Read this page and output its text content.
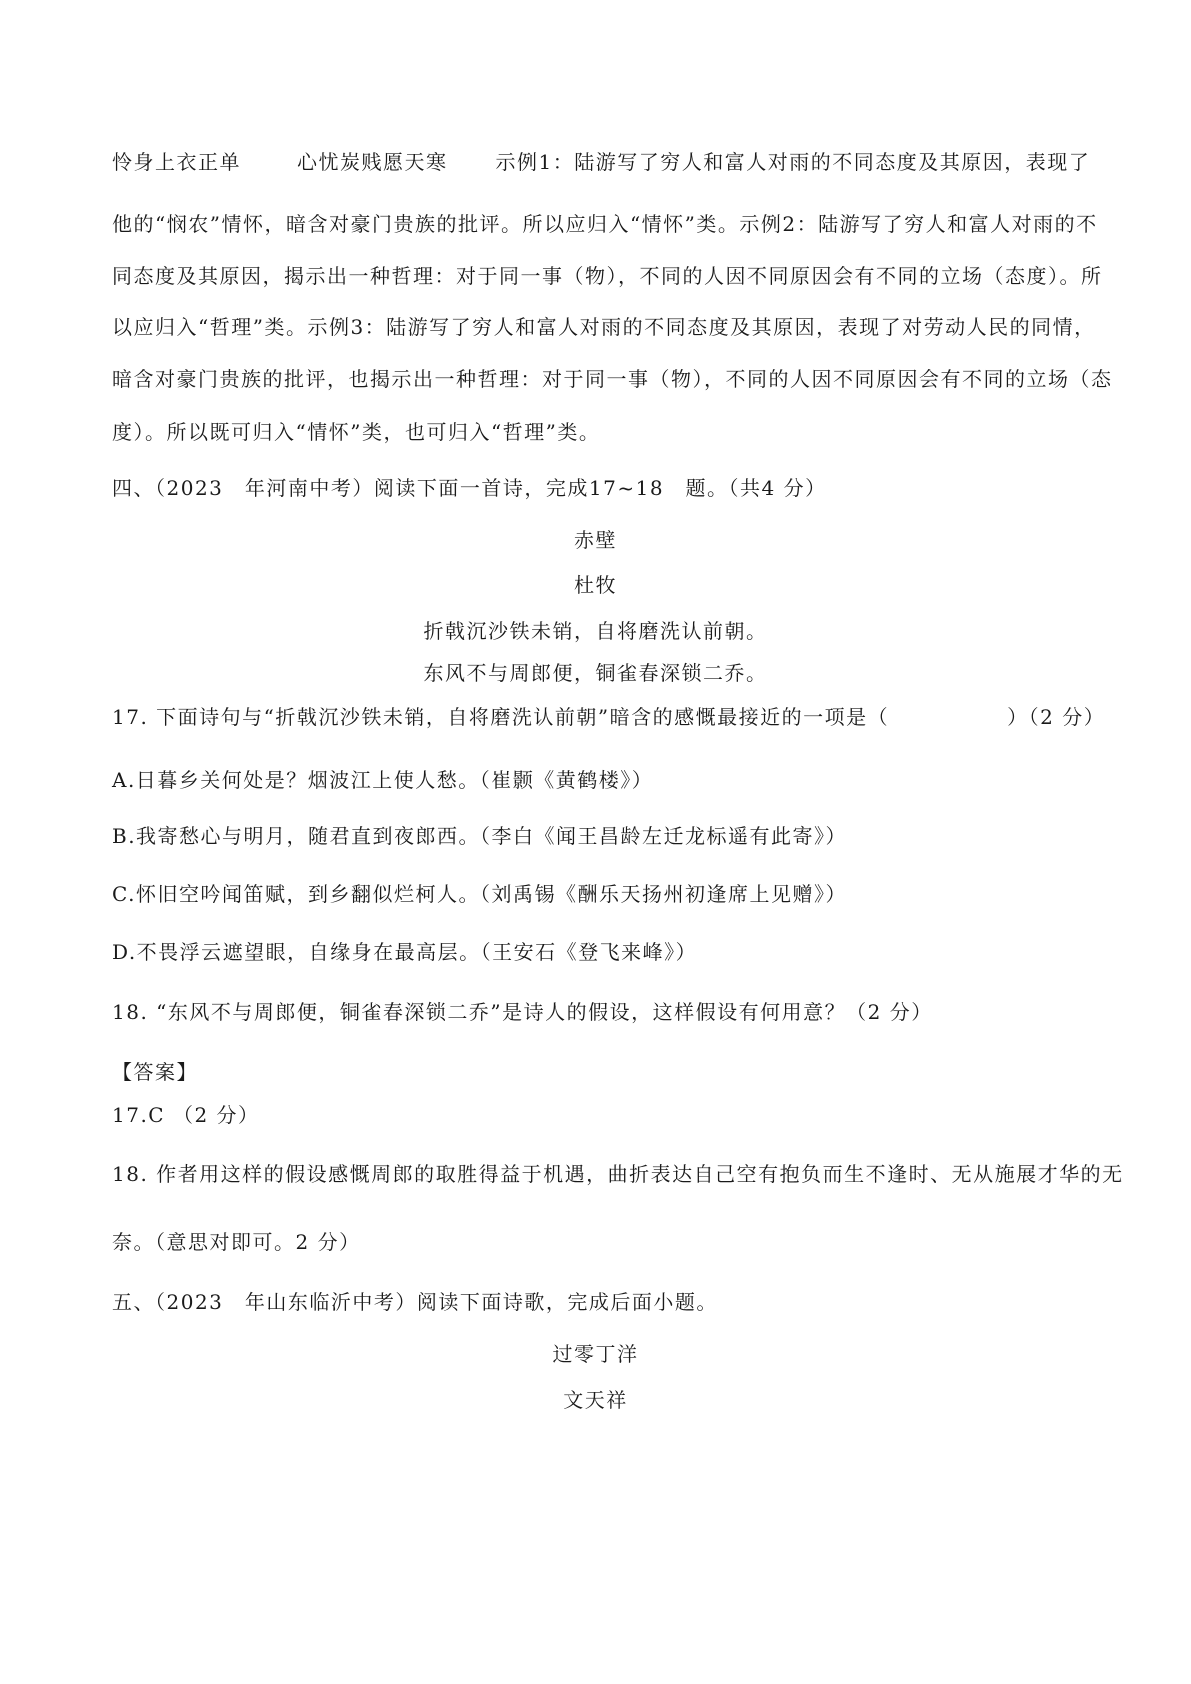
怜身上衣正单	心忧炭贱愿天寒 示例1：陆游写了穷人和富人对雨的不同态度及其原因，表现了
他的“悯农”情怀，暗含对豪门贵族的批评。所以应归入“情怀”类。示例2：陆游写了穷人和富人对雨的不
同态度及其原因，揭示出一种哲理：对于同一事（物），不同的人因不同原因会有不同的立场（态度）。所
以应归入“哲理”类。示例3：陆游写了穷人和富人对雨的不同态度及其原因，表现了对劳动人民的同情，
暗含对豪门贵族的批评，也揭示出一种哲理：对于同一事（物），不同的人因不同原因会有不同的立场（态
度）。所以既可归入“情怀”类，也可归入“哲理”类。
四、（2023　年河南中考）阅读下面一首诗，完成17~18　题。（共4 分）
赤壁
杜牧
折戟沉沙铁未销，自将磨洗认前朝。
东风不与周郎便，铜雀春深锁二乔。
17. 下面诗句与“折戟沉沙铁未销，自将磨洗认前朝”暗含的感慨最接近的一项是（	）（2 分）
A.日暮乡关何处是？烟波江上使人愁。（崔颢《黄鹤楼》）
B.我寄愁心与明月，随君直到夜郎西。（李白《闻王昌龄左迁龙标遥有此寄》）
C.怀旧空吟闻笛赋，到乡翻似烂柯人。（刘禹锡《酬乐天扬州初逢席上见赠》）
D.不畏浮云遮望眼，自缘身在最高层。（王安石《登飞来峰》）
18. “东风不与周郎便，铜雀春深锁二乔”是诗人的假设，这样假设有何用意？（2 分）
【答案】
17.C （2 分）
18. 作者用这样的假设感慨周郎的取胜得益于机遇，曲折表达自己空有抱负而生不逢时、无从施展才华的无
奈。（意思对即可。2 分）
五、（2023　年山东临沂中考）阅读下面诗歌，完成后面小题。
过零丁洋
文天祥
